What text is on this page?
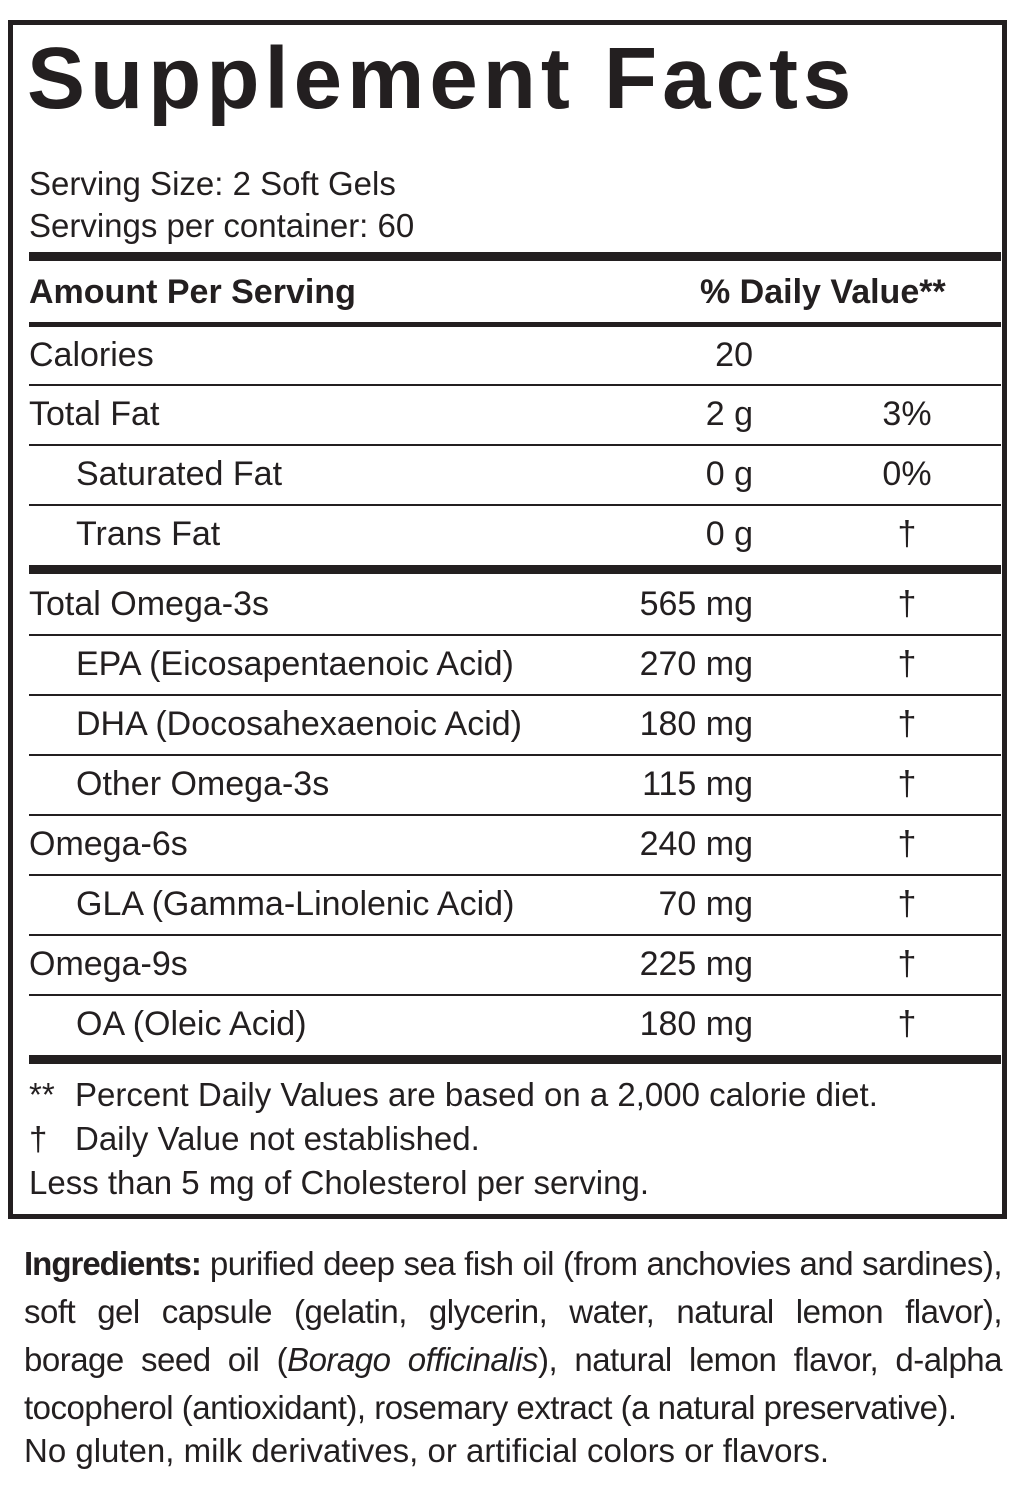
Supplement Facts
Serving Size: 2 Soft Gels
Servings per container: 60
Amount Per Serving	% Daily Value**
Calories	20
Total Fat	2 g	3%
Saturated Fat	0 g	0%
Trans Fat	0 g	†
Total Omega-3s	565 mg	†
EPA (Eicosapentaenoic Acid)	270 mg	†
DHA (Docosahexaenoic Acid)	180 mg	†
Other Omega-3s	115 mg	†
Omega-6s	240 mg	†
GLA (Gamma-Linolenic Acid)	70 mg	†
Omega-9s	225 mg	†
OA (Oleic Acid)	180 mg	†
** Percent Daily Values are based on a 2,000 calorie diet.
† Daily Value not established.
Less than 5 mg of Cholesterol per serving.

Ingredients: purified deep sea fish oil (from anchovies and sardines), soft gel capsule (gelatin, glycerin, water, natural lemon flavor), borage seed oil (Borago officinalis), natural lemon flavor, d-alpha tocopherol (antioxidant), rosemary extract (a natural preservative).

No gluten, milk derivatives, or artificial colors or flavors.
